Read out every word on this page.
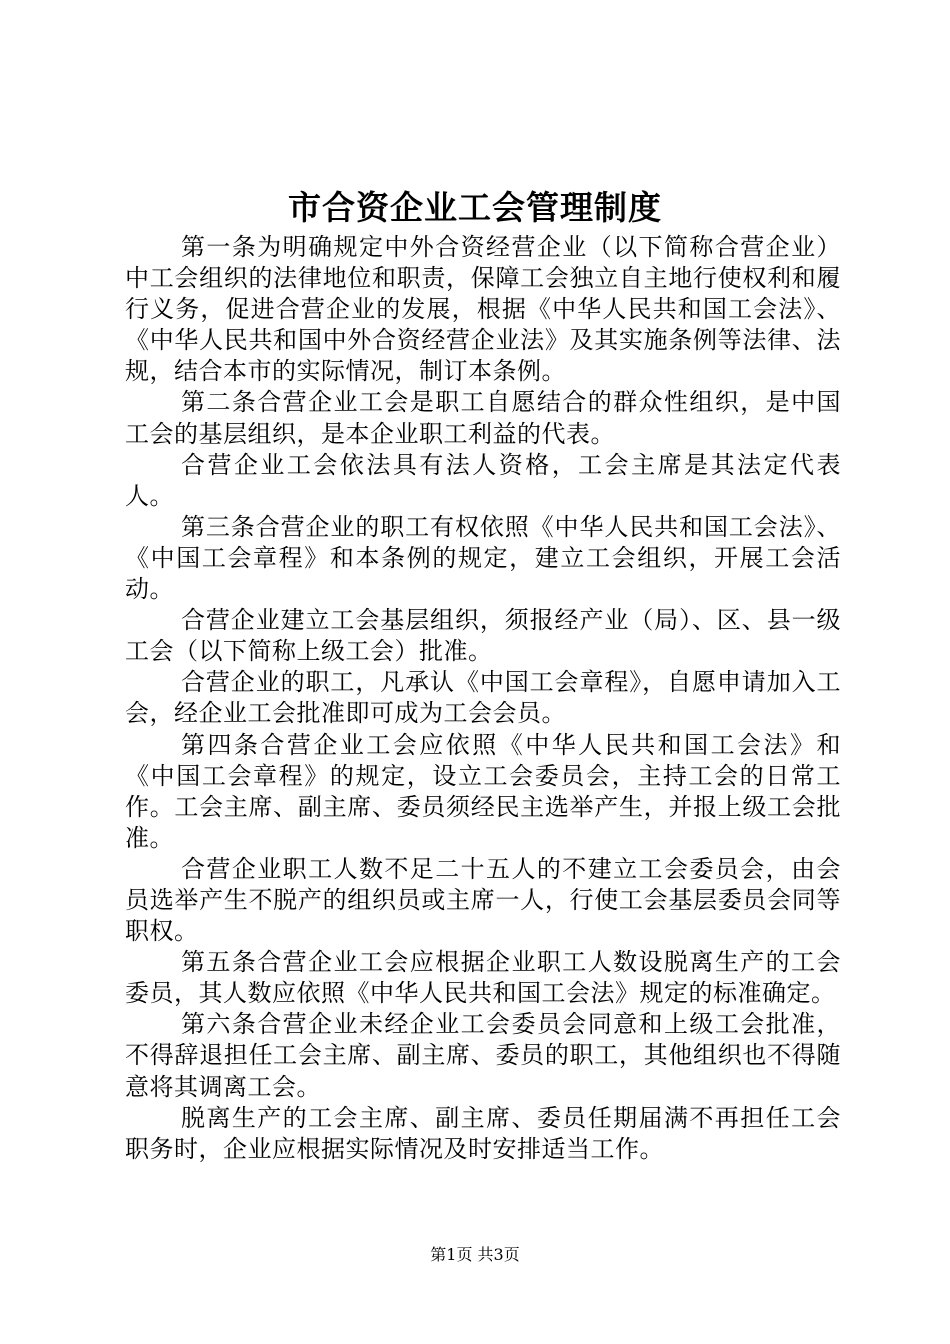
市合资企业工会管理制度

第一条为明确规定中外合资经营企业（以下简称合营企业）中工会组织的法律地位和职责，保障工会独立自主地行使权利和履行义务，促进合营企业的发展，根据《中华人民共和国工会法》、《中华人民共和国中外合资经营企业法》及其实施条例等法律、法规，结合本市的实际情况，制订本条例。

第二条合营企业工会是职工自愿结合的群众性组织，是中国工会的基层组织，是本企业职工利益的代表。

合营企业工会依法具有法人资格，工会主席是其法定代表人。

第三条合营企业的职工有权依照《中华人民共和国工会法》、《中国工会章程》和本条例的规定，建立工会组织，开展工会活动。

合营企业建立工会基层组织，须报经产业（局）、区、县一级工会（以下简称上级工会）批准。

合营企业的职工，凡承认《中国工会章程》，自愿申请加入工会，经企业工会批准即可成为工会会员。

第四条合营企业工会应依照《中华人民共和国工会法》和《中国工会章程》的规定，设立工会委员会，主持工会的日常工作。工会主席、副主席、委员须经民主选举产生，并报上级工会批准。

合营企业职工人数不足二十五人的不建立工会委员会，由会员选举产生不脱产的组织员或主席一人，行使工会基层委员会同等职权。

第五条合营企业工会应根据企业职工人数设脱离生产的工会委员，其人数应依照《中华人民共和国工会法》规定的标准确定。

第六条合营企业未经企业工会委员会同意和上级工会批准，不得辞退担任工会主席、副主席、委员的职工，其他组织也不得随意将其调离工会。

脱离生产的工会主席、副主席、委员任期届满不再担任工会职务时，企业应根据实际情况及时安排适当工作。

第1页 共3页
